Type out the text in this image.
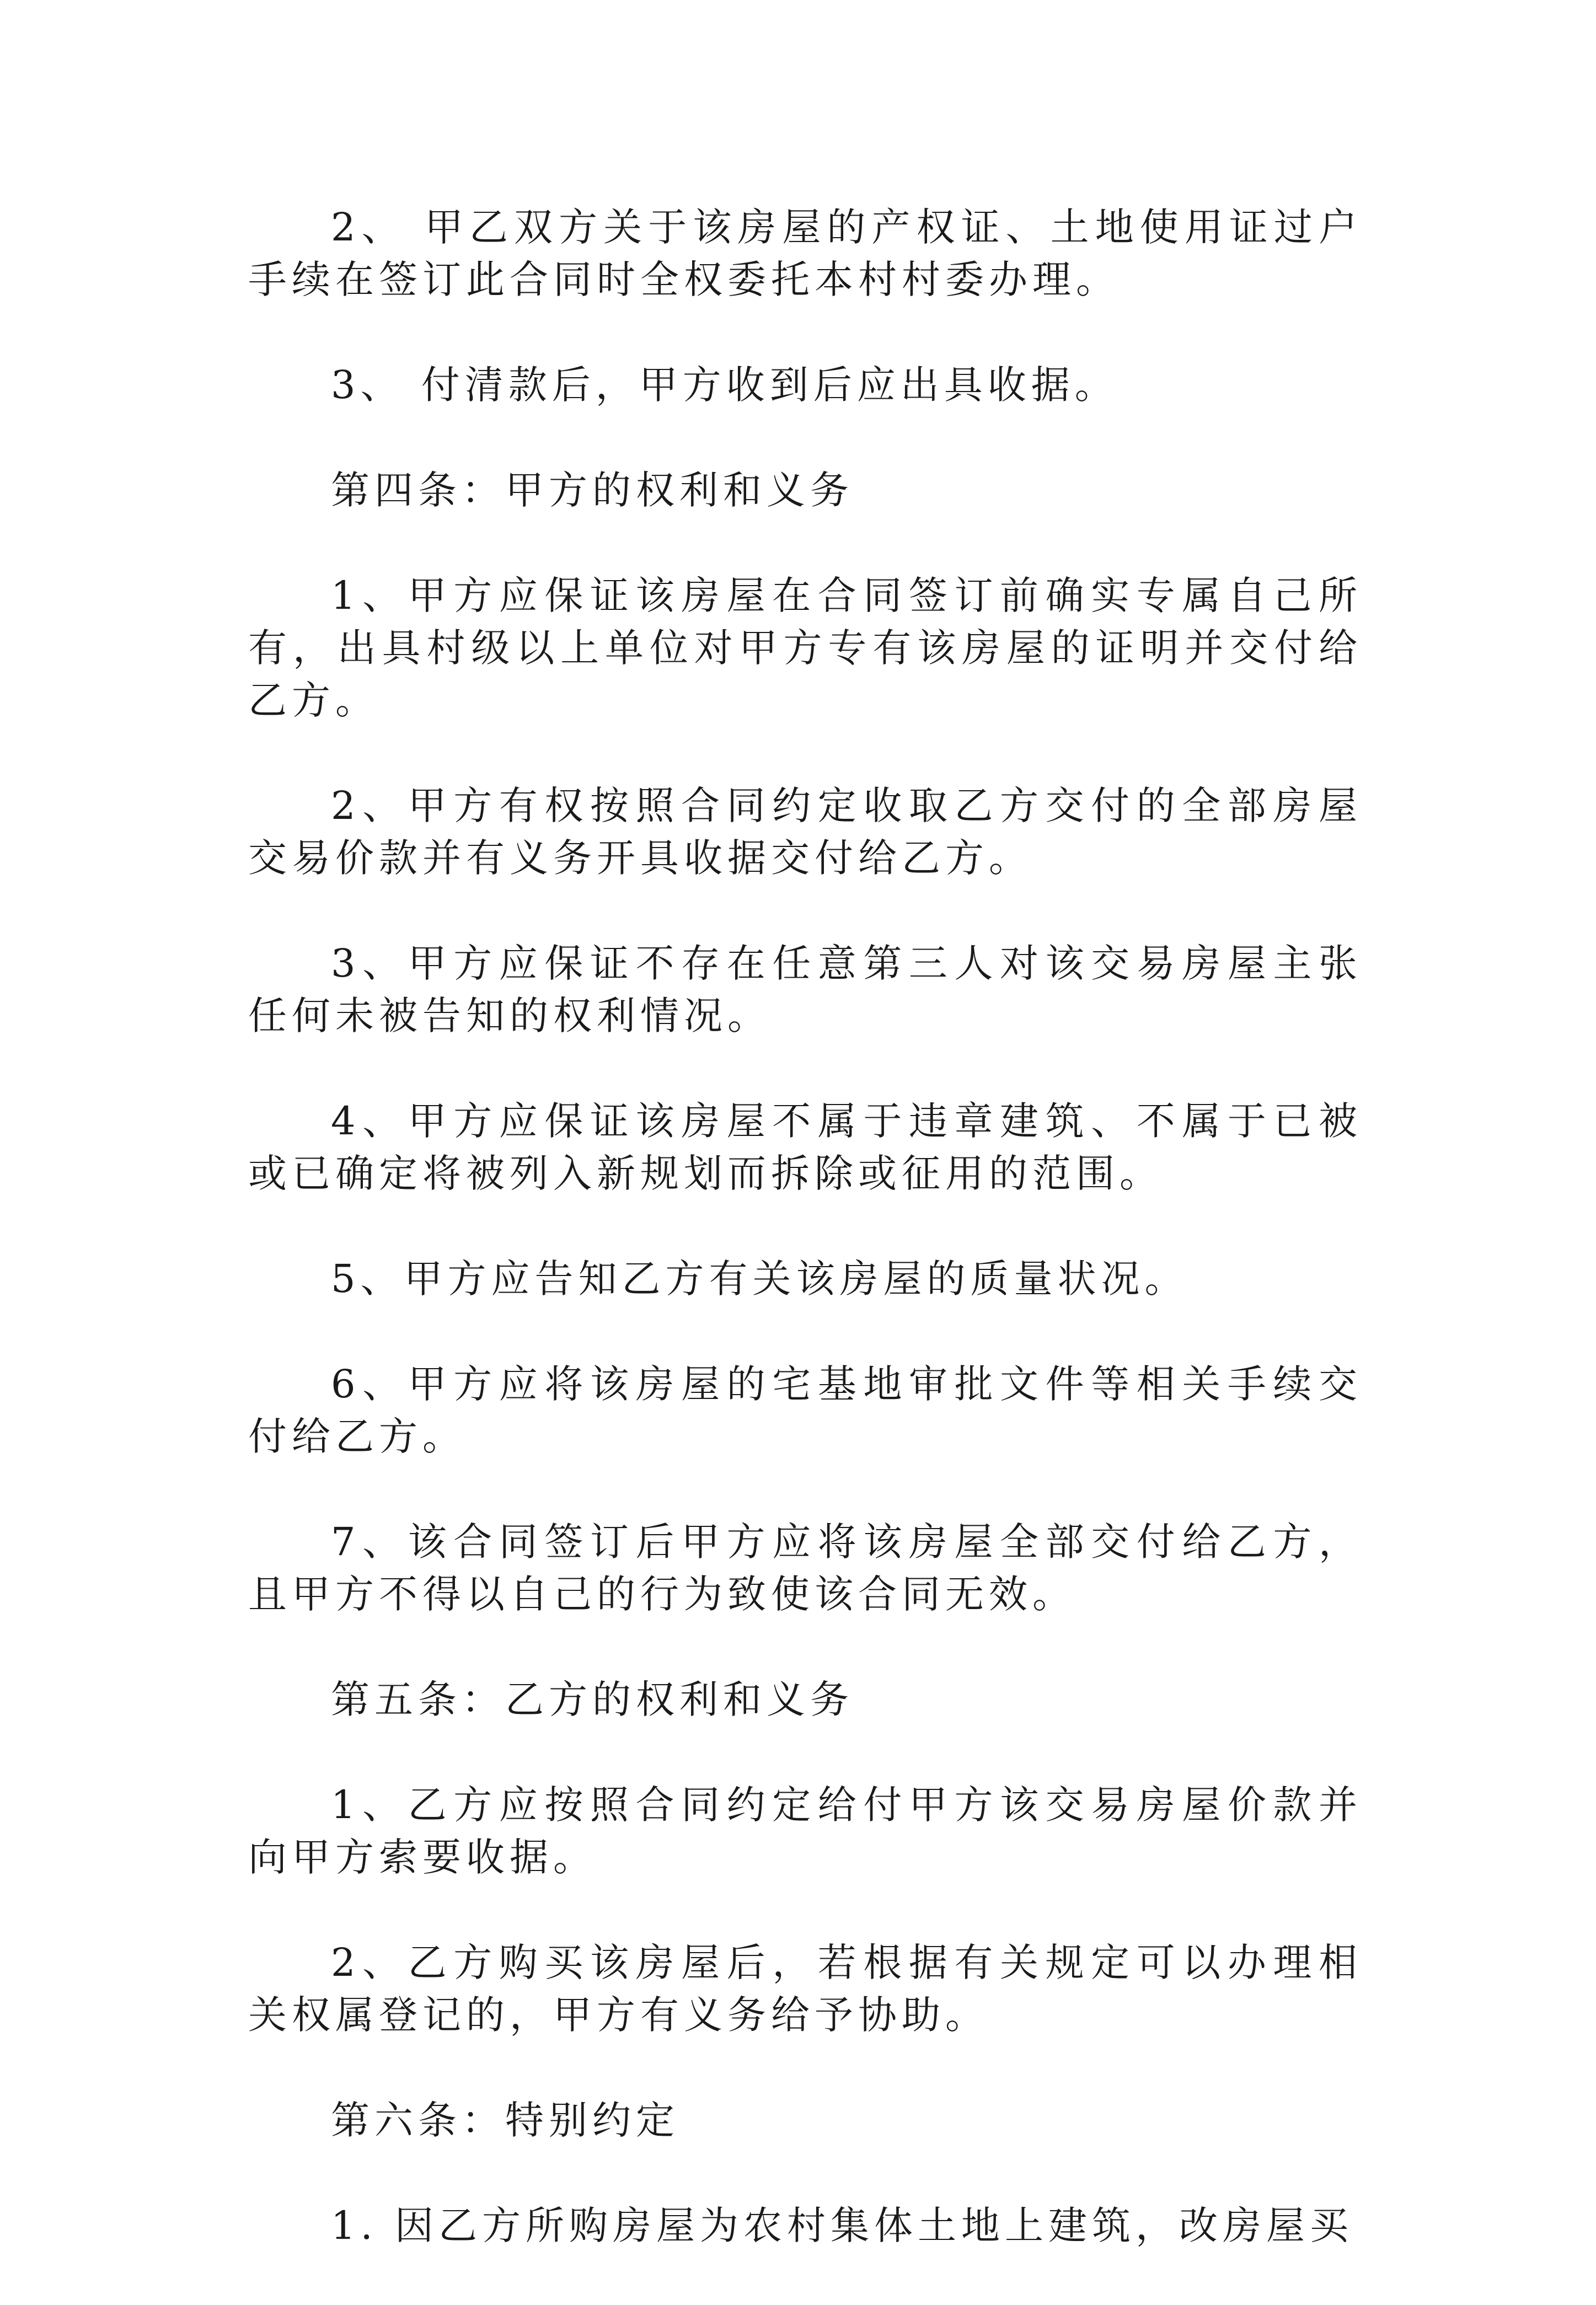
2、 甲乙双方关于该房屋的产权证、土地使用证过户手续在签订此合同时全权委托本村村委办理。

3、 付清款后，甲方收到后应出具收据。

第四条：甲方的权利和义务

1、甲方应保证该房屋在合同签订前确实专属自己所有，出具村级以上单位对甲方专有该房屋的证明并交付给乙方。

2、甲方有权按照合同约定收取乙方交付的全部房屋交易价款并有义务开具收据交付给乙方。

3、甲方应保证不存在任意第三人对该交易房屋主张任何未被告知的权利情况。

4、甲方应保证该房屋不属于违章建筑、不属于已被或已确定将被列入新规划而拆除或征用的范围。

5、甲方应告知乙方有关该房屋的质量状况。

6、甲方应将该房屋的宅基地审批文件等相关手续交付给乙方。

7、该合同签订后甲方应将该房屋全部交付给乙方，且甲方不得以自己的行为致使该合同无效。

第五条：乙方的权利和义务

1、乙方应按照合同约定给付甲方该交易房屋价款并向甲方索要收据。

2、乙方购买该房屋后，若根据有关规定可以办理相关权属登记的，甲方有义务给予协助。

第六条：特别约定

1. 因乙方所购房屋为农村集体土地上建筑，改房屋买
